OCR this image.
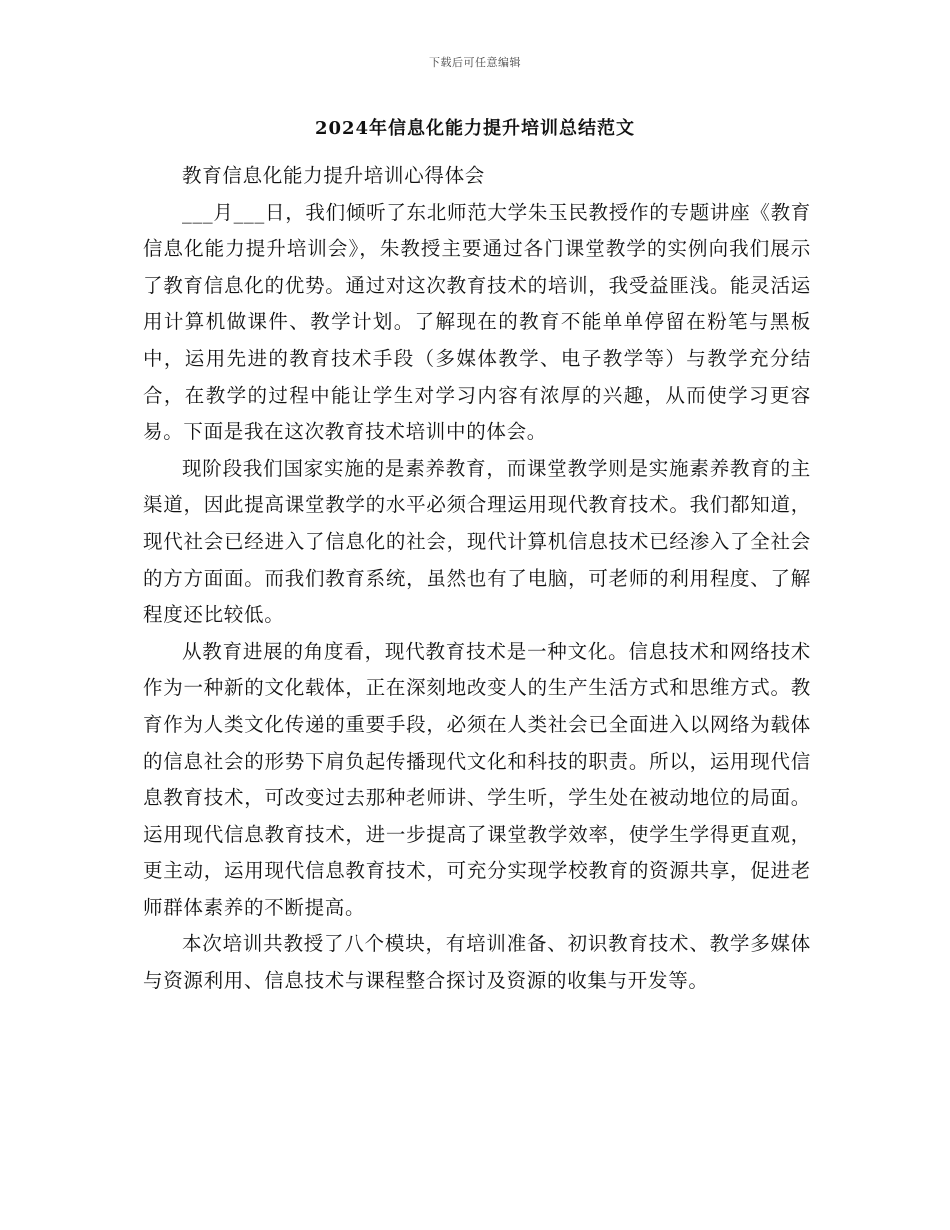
下载后可任意编辑
2024年信息化能力提升培训总结范文

教育信息化能力提升培训心得体会

___月___日，我们倾听了东北师范大学朱玉民教授作的专题讲座《教育信息化能力提升培训会》，朱教授主要通过各门课堂教学的实例向我们展示了教育信息化的优势。通过对这次教育技术的培训，我受益匪浅。能灵活运用计算机做课件、教学计划。了解现在的教育不能单单停留在粉笔与黑板中，运用先进的教育技术手段（多媒体教学、电子教学等）与教学充分结合，在教学的过程中能让学生对学习内容有浓厚的兴趣，从而使学习更容易。下面是我在这次教育技术培训中的体会。

现阶段我们国家实施的是素养教育，而课堂教学则是实施素养教育的主渠道，因此提高课堂教学的水平必须合理运用现代教育技术。我们都知道，现代社会已经进入了信息化的社会，现代计算机信息技术已经渗入了全社会的方方面面。而我们教育系统，虽然也有了电脑，可老师的利用程度、了解程度还比较低。

从教育进展的角度看，现代教育技术是一种文化。信息技术和网络技术作为一种新的文化载体，正在深刻地改变人的生产生活方式和思维方式。教育作为人类文化传递的重要手段，必须在人类社会已全面进入以网络为载体的信息社会的形势下肩负起传播现代文化和科技的职责。所以，运用现代信息教育技术，可改变过去那种老师讲、学生听，学生处在被动地位的局面。运用现代信息教育技术，进一步提高了课堂教学效率，使学生学得更直观，更主动，运用现代信息教育技术，可充分实现学校教育的资源共享，促进老师群体素养的不断提高。

本次培训共教授了八个模块，有培训准备、初识教育技术、教学多媒体与资源利用、信息技术与课程整合探讨及资源的收集与开发等。
